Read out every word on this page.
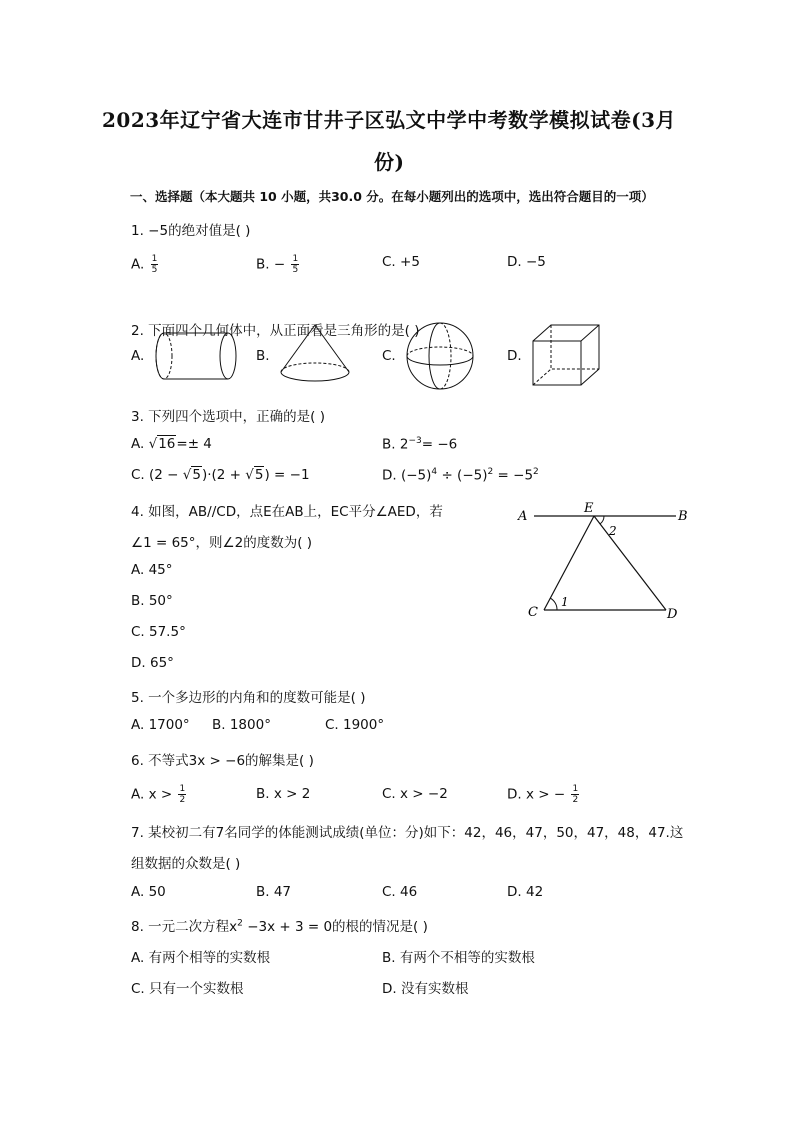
2023年辽宁省大连市甘井子区弘文中学中考数学模拟试卷(3月
份)
一、选择题（本大题共 10 小题，共30.0 分。在每小题列出的选项中，选出符合题目的一项）
1. −5的绝对值是( )
A. $\frac{1}{5}$	B. − $\frac{1}{5}$	C. +5	D. −5
2. 下面四个几何体中，从正面看是三角形的是( )
A.	B.	C.	D.
3. 下列四个选项中，正确的是( )
A. √16=± 4	B. $2^{-3}= -6$
C. (2 − √5)·(2 + √5) = −1	D. $(-5)^4 \div (-5)^2 = -5^2$
4. 如图，AB//CD，点E在AB上，EC平分∠AED，若
∠1 = 65°，则∠2的度数为( )
A. 45°
B. 50°
C. 57.5°
D. 65°
A
E
B
C	D
1
2
5. 一个多边形的内角和的度数可能是( )
A. 1700° B. 1800°	C. 1900°
6. 不等式3x > −6的解集是( )
A. $x > \frac{1}{2}$	B. x > 2	C. x > −2	D. x > − $\frac{1}{2}$
7. 某校初二有7名同学的体能测试成绩(单位：分)如下：42，46，47，50，47，48，47.这
组数据的众数是( )
A. 50	B. 47	C. 46	D. 42
8. 一元二次方程$x^2 -3x + 3 = 0$的根的情况是( )
A. 有两个相等的实数根	B. 有两个不相等的实数根
C. 只有一个实数根	D. 没有实数根
